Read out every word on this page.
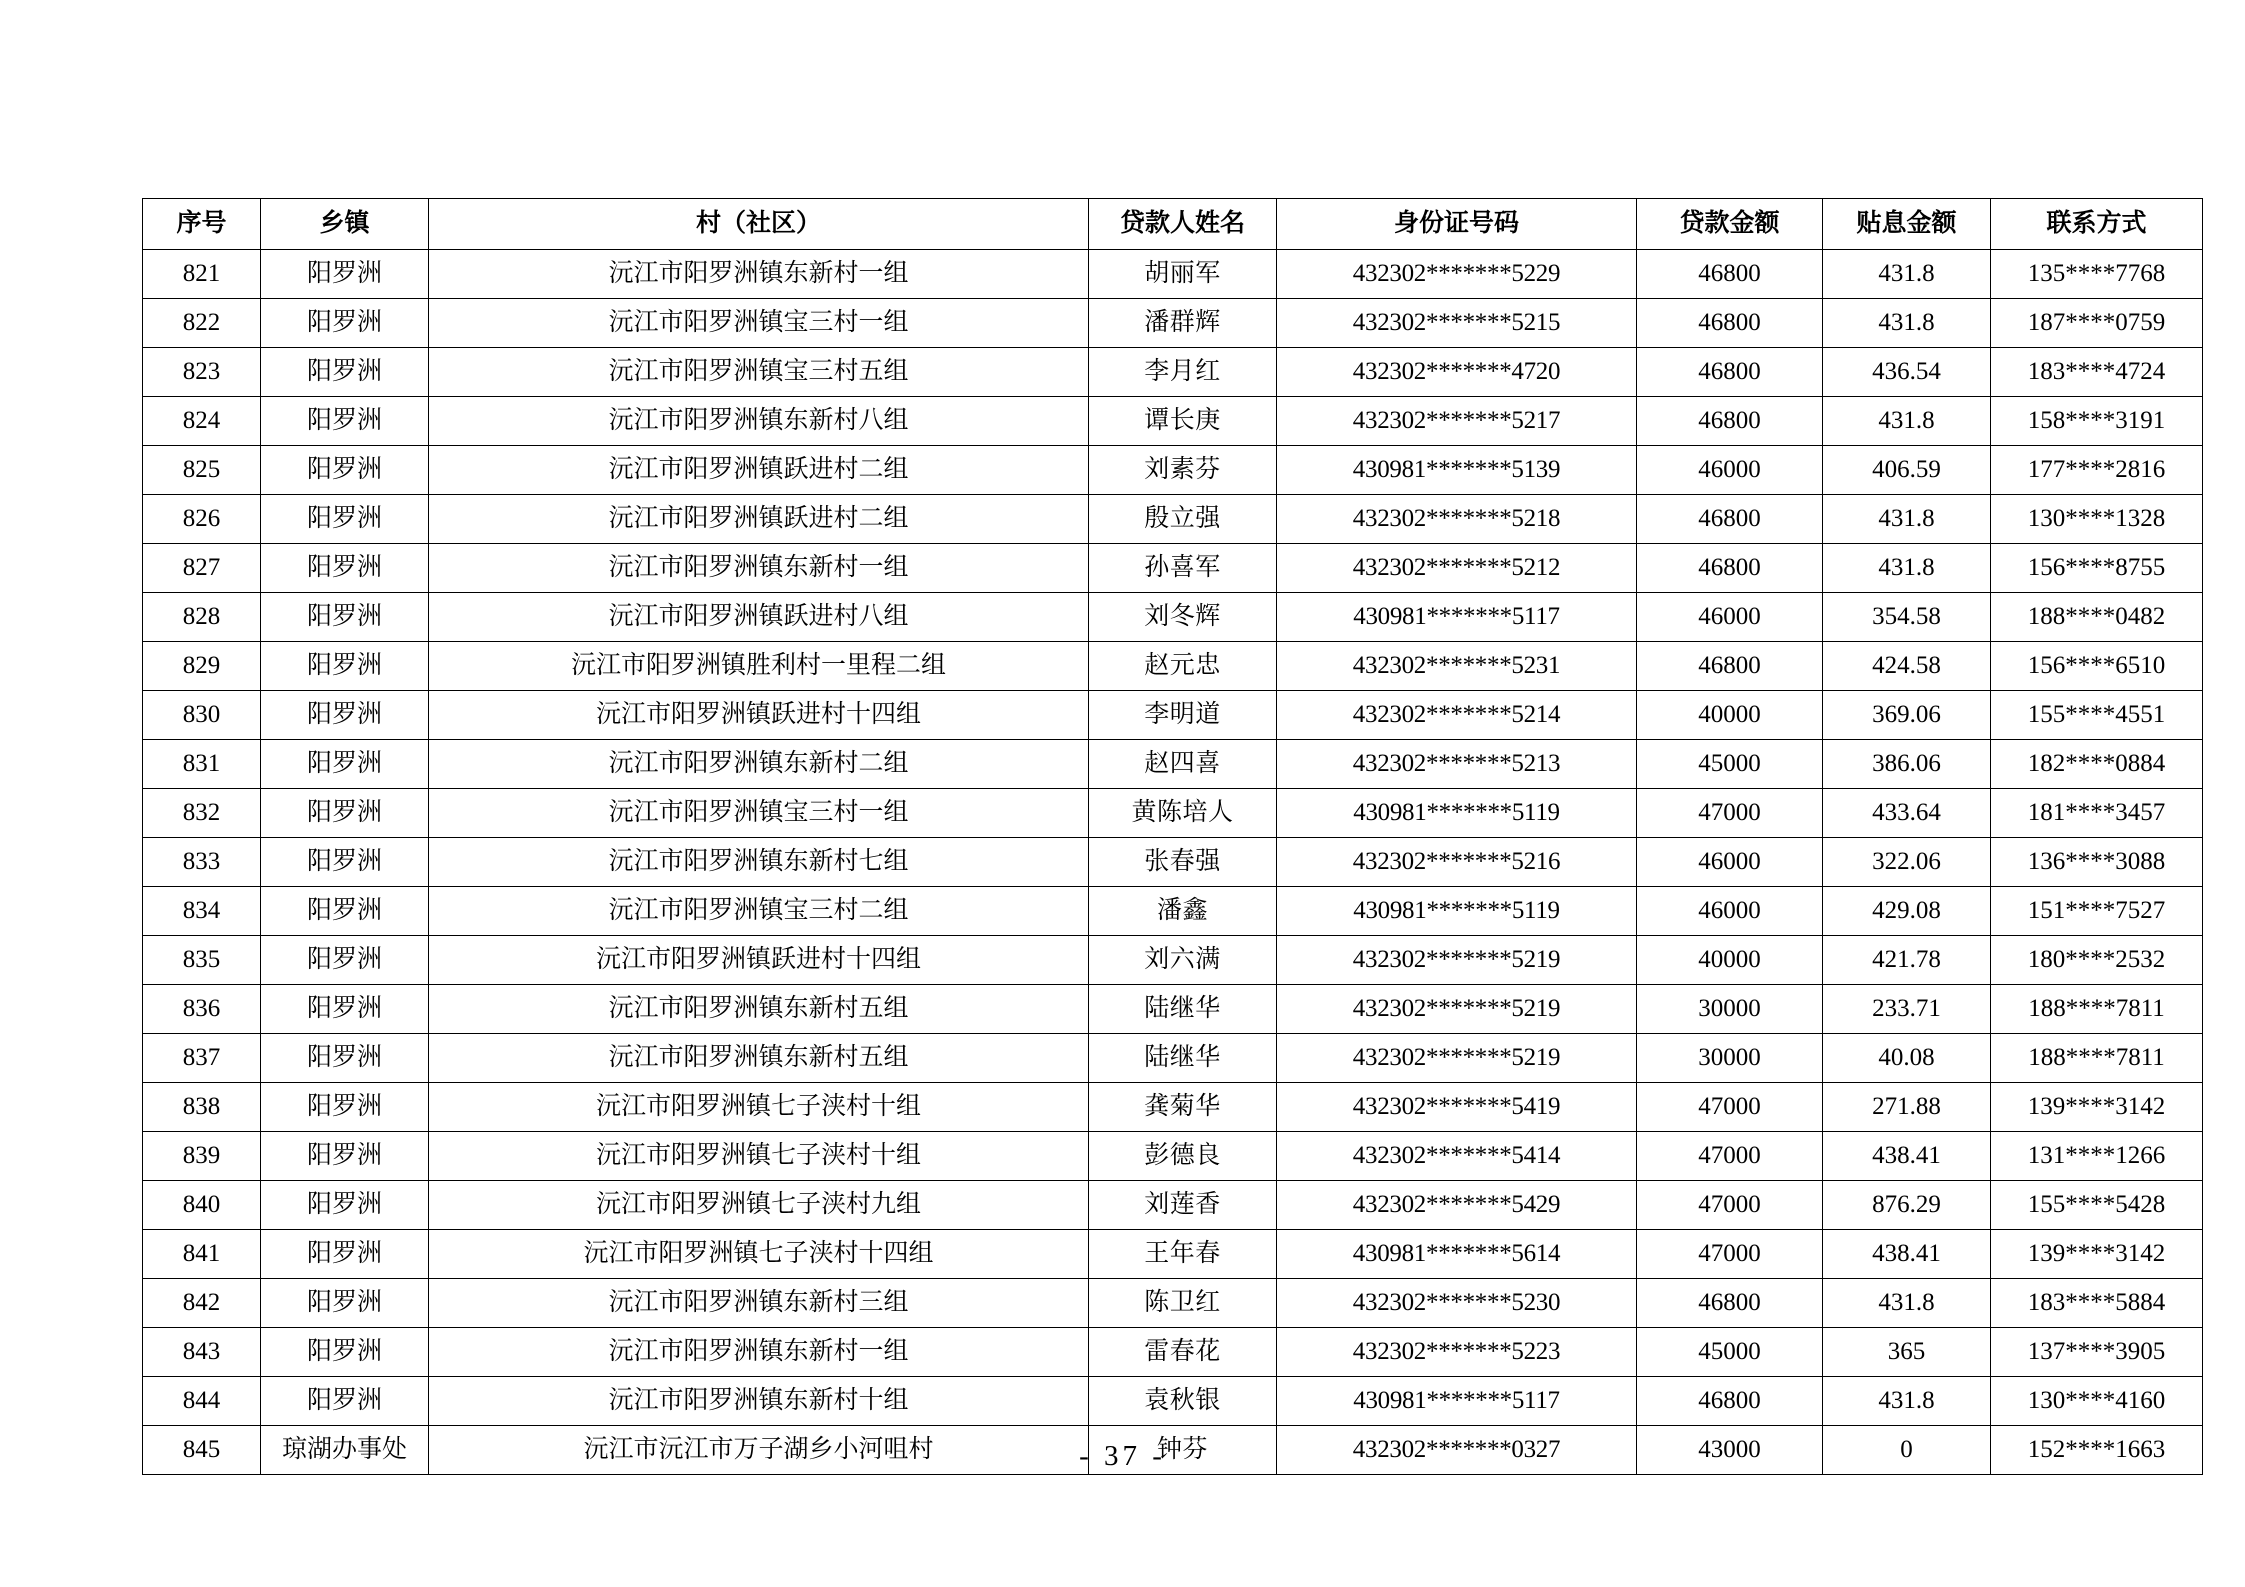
序号	乡镇	村（社区）	贷款人姓名	身份证号码	贷款金额	贴息金额	联系方式
821	阳罗洲	沅江市阳罗洲镇东新村一组	胡丽军	432302*******5229	46800	431.8	135****7768
822	阳罗洲	沅江市阳罗洲镇宝三村一组	潘群辉	432302*******5215	46800	431.8	187****0759
823	阳罗洲	沅江市阳罗洲镇宝三村五组	李月红	432302*******4720	46800	436.54	183****4724
824	阳罗洲	沅江市阳罗洲镇东新村八组	谭长庚	432302*******5217	46800	431.8	158****3191
825	阳罗洲	沅江市阳罗洲镇跃进村二组	刘素芬	430981*******5139	46000	406.59	177****2816
826	阳罗洲	沅江市阳罗洲镇跃进村二组	殷立强	432302*******5218	46800	431.8	130****1328
827	阳罗洲	沅江市阳罗洲镇东新村一组	孙喜军	432302*******5212	46800	431.8	156****8755
828	阳罗洲	沅江市阳罗洲镇跃进村八组	刘冬辉	430981*******5117	46000	354.58	188****0482
829	阳罗洲	沅江市阳罗洲镇胜利村一里程二组	赵元忠	432302*******5231	46800	424.58	156****6510
830	阳罗洲	沅江市阳罗洲镇跃进村十四组	李明道	432302*******5214	40000	369.06	155****4551
831	阳罗洲	沅江市阳罗洲镇东新村二组	赵四喜	432302*******5213	45000	386.06	182****0884
832	阳罗洲	沅江市阳罗洲镇宝三村一组	黄陈培人	430981*******5119	47000	433.64	181****3457
833	阳罗洲	沅江市阳罗洲镇东新村七组	张春强	432302*******5216	46000	322.06	136****3088
834	阳罗洲	沅江市阳罗洲镇宝三村二组	潘鑫	430981*******5119	46000	429.08	151****7527
835	阳罗洲	沅江市阳罗洲镇跃进村十四组	刘六满	432302*******5219	40000	421.78	180****2532
836	阳罗洲	沅江市阳罗洲镇东新村五组	陆继华	432302*******5219	30000	233.71	188****7811
837	阳罗洲	沅江市阳罗洲镇东新村五组	陆继华	432302*******5219	30000	40.08	188****7811
838	阳罗洲	沅江市阳罗洲镇七子浃村十组	龚菊华	432302*******5419	47000	271.88	139****3142
839	阳罗洲	沅江市阳罗洲镇七子浃村十组	彭德良	432302*******5414	47000	438.41	131****1266
840	阳罗洲	沅江市阳罗洲镇七子浃村九组	刘莲香	432302*******5429	47000	876.29	155****5428
841	阳罗洲	沅江市阳罗洲镇七子浃村十四组	王年春	430981*******5614	47000	438.41	139****3142
842	阳罗洲	沅江市阳罗洲镇东新村三组	陈卫红	432302*******5230	46800	431.8	183****5884
843	阳罗洲	沅江市阳罗洲镇东新村一组	雷春花	432302*******5223	45000	365	137****3905
844	阳罗洲	沅江市阳罗洲镇东新村十组	袁秋银	430981*******5117	46800	431.8	130****4160
845	琼湖办事处	沅江市沅江市万子湖乡小河咀村	钟芬	432302*******0327	43000	0	152****1663
- 37 -
